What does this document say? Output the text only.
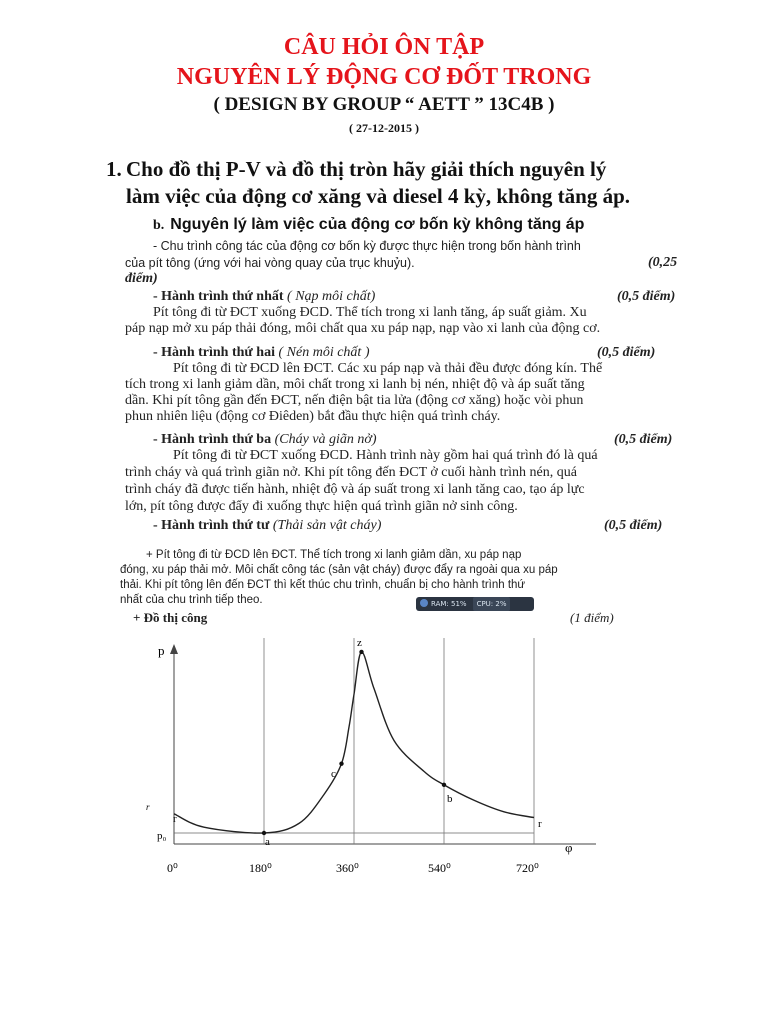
CÂU HỎI ÔN TẬP
NGUYÊN LÝ ĐỘNG CƠ ĐỐT TRONG
( DESIGN BY GROUP “ AETT ” 13C4B )
( 27-12-2015 )
1. Cho đồ thị P-V và đồ thị tròn hãy giải thích nguyên lý
làm việc của động cơ xăng và diesel 4 kỳ, không tăng áp.
b. Nguyên lý làm việc của động cơ bốn kỳ không tăng áp
- Chu trình công tác của động cơ bốn kỳ được thực hiện trong bốn hành trình
của pít tông (ứng với hai vòng quay của trục khuỷu).	(0,25
điểm)
- Hành trình thứ nhất ( Nạp môi chất)	(0,5 điểm)
Pít tông đi từ ĐCT xuống ĐCD. Thể tích trong xi lanh tăng, áp suất giảm. Xu
páp nạp mở xu páp thải đóng, môi chất qua xu páp nạp, nạp vào xi lanh của động cơ.
- Hành trình thứ hai ( Nén môi chất )	(0,5 điểm)
Pít tông đi từ ĐCD lên ĐCT. Các xu páp nạp và thải đều được đóng kín. Thể
tích trong xi lanh giảm dần, môi chất trong xi lanh bị nén, nhiệt độ và áp suất tăng
dần. Khi pít tông gần đến ĐCT, nến điện bật tia lửa (động cơ xăng) hoặc vòi phun
phun nhiên liệu (động cơ Điêden) bắt đầu thực hiện quá trình cháy.
- Hành trình thứ ba (Cháy và giãn nở)	(0,5 điểm)
Pít tông đi từ ĐCT xuống ĐCD. Hành trình này gồm hai quá trình đó là quá
trình cháy và quá trình giãn nở. Khi pít tông đến ĐCT ở cuối hành trình nén, quá
trình cháy đã được tiến hành, nhiệt độ và áp suất trong xi lanh tăng cao, tạo áp lực
lớn, pít tông được đẩy đi xuống thực hiện quá trình giãn nở sinh công.
- Hành trình thứ tư (Thải sản vật cháy)	(0,5 điểm)
+ Pít tông đi từ ĐCD lên ĐCT. Thể tích trong xi lanh giảm dần, xu páp nạp
đóng, xu páp thải mở. Môi chất công tác (sản vật cháy) được đẩy ra ngoài qua xu páp
thải. Khi pít tông lên đến ĐCT thì kết thúc chu trình, chuẩn bị cho hành trình thứ
nhất của chu trình tiếp theo.	RAM: 51% CPU: 2%
+ Đồ thị công	(1 điểm)
p
φ
r
p₀
r
a
c
z
b
r
0⁰	180⁰	360⁰	540⁰	720⁰
